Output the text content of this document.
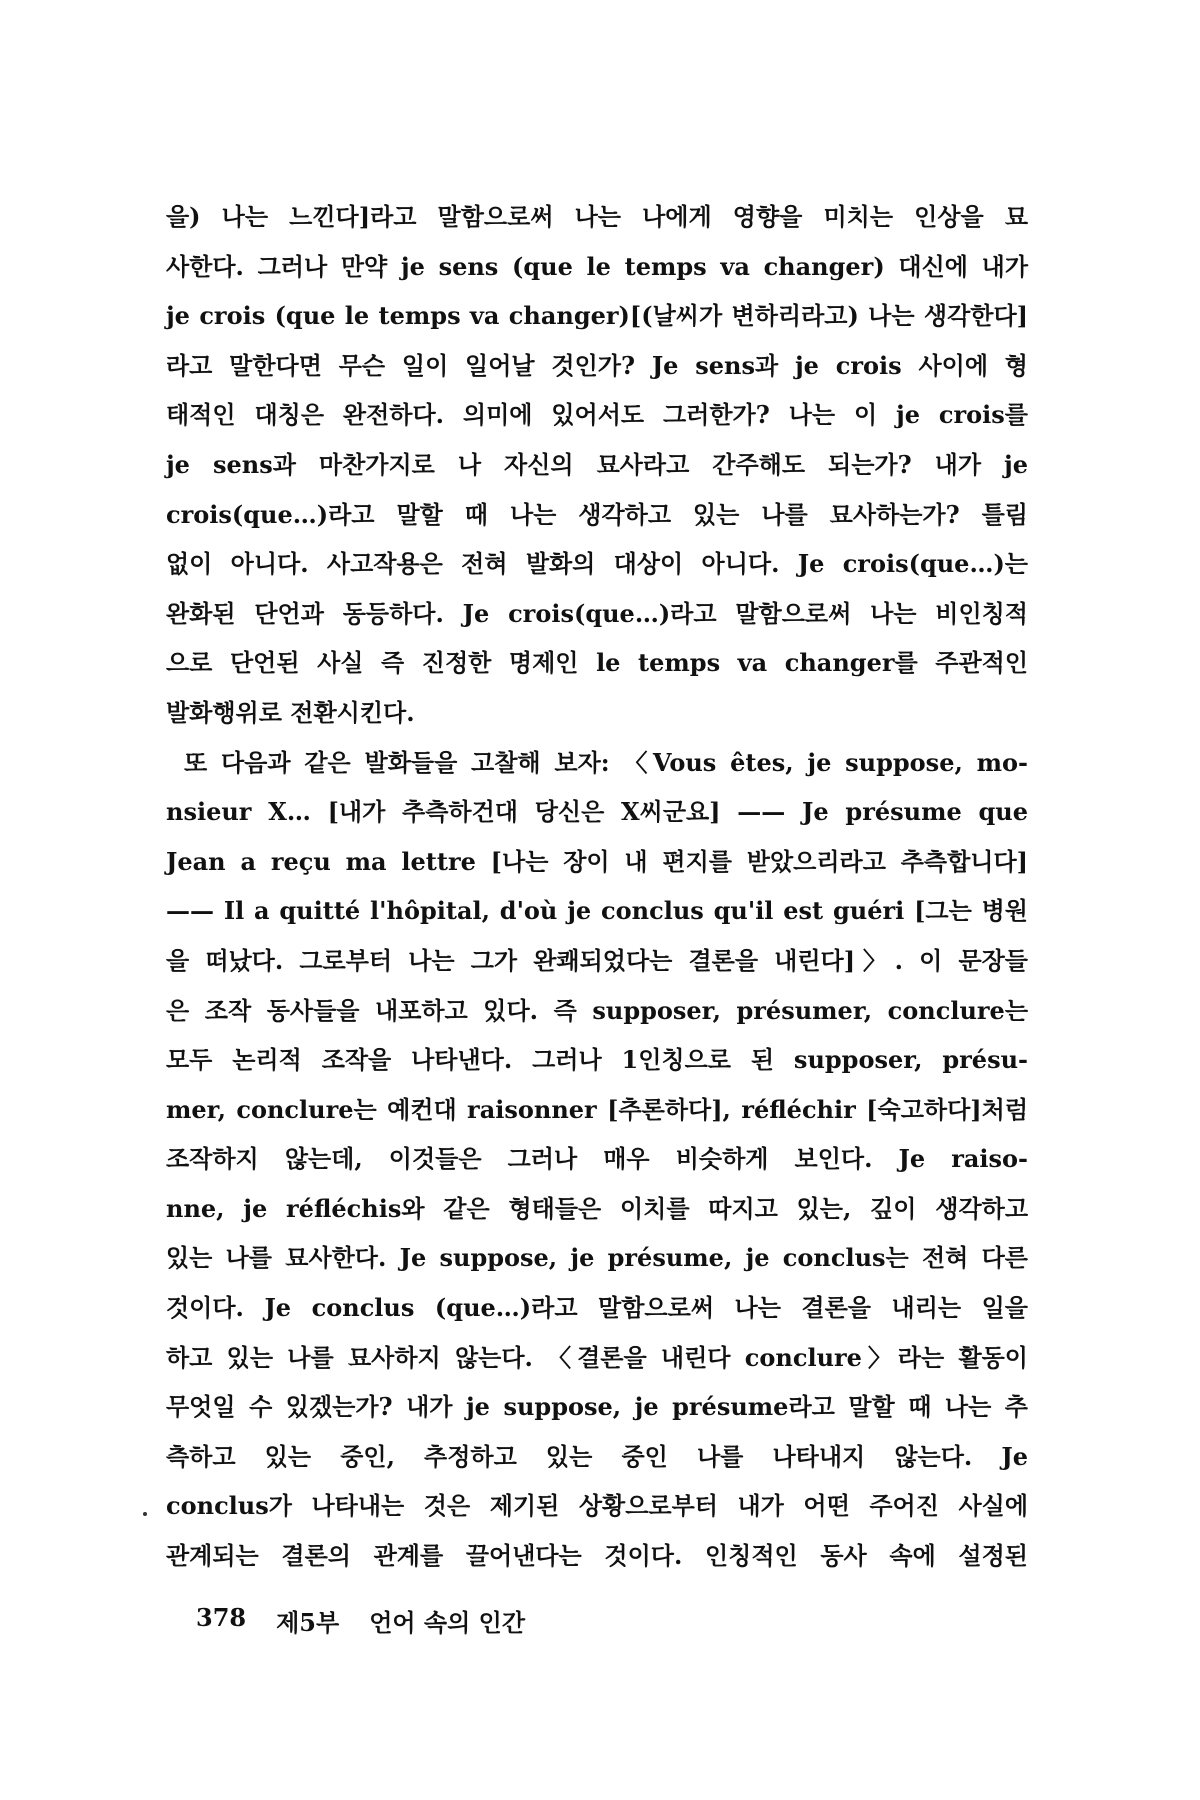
을) 나는 느낀다]라고 말함으로써 나는 나에게 영향을 미치는 인상을 묘
사한다. 그러나 만약 je sens (que le temps va changer) 대신에 내가
je crois (que le temps va changer)[(날씨가 변하리라고) 나는 생각한다]
라고 말한다면 무슨 일이 일어날 것인가? Je sens과 je crois 사이에 형
태적인 대칭은 완전하다. 의미에 있어서도 그러한가? 나는 이 je crois를
je sens과 마찬가지로 나 자신의 묘사라고 간주해도 되는가? 내가 je
crois(que…)라고 말할 때 나는 생각하고 있는 나를 묘사하는가? 틀림
없이 아니다. 사고작용은 전혀 발화의 대상이 아니다. Je crois(que…)는
완화된 단언과 동등하다. Je crois(que…)라고 말함으로써 나는 비인칭적
으로 단언된 사실 즉 진정한 명제인 le temps va changer를 주관적인
발화행위로 전환시킨다.
또 다음과 같은 발화들을 고찰해 보자: 〈Vous êtes, je suppose, mo-
nsieur X… [내가 추측하건대 당신은 X씨군요] —— Je présume que
Jean a reçu ma lettre [나는 장이 내 편지를 받았으리라고 추측합니다]
—— Il a quitté l'hôpital, d'où je conclus qu'il est guéri [그는 병원
을 떠났다. 그로부터 나는 그가 완쾌되었다는 결론을 내린다]〉. 이 문장들
은 조작 동사들을 내포하고 있다. 즉 supposer, présumer, conclure는
모두 논리적 조작을 나타낸다. 그러나 1인칭으로 된 supposer, présu-
mer, conclure는 예컨대 raisonner [추론하다], réfléchir [숙고하다]처럼
조작하지 않는데, 이것들은 그러나 매우 비슷하게 보인다. Je raiso-
nne, je réfléchis와 같은 형태들은 이치를 따지고 있는, 깊이 생각하고
있는 나를 묘사한다. Je suppose, je présume, je conclus는 전혀 다른
것이다. Je conclus (que…)라고 말함으로써 나는 결론을 내리는 일을
하고 있는 나를 묘사하지 않는다. 〈결론을 내린다 conclure〉라는 활동이
무엇일 수 있겠는가? 내가 je suppose, je présume라고 말할 때 나는 추
측하고 있는 중인, 추정하고 있는 중인 나를 나타내지 않는다. Je
conclus가 나타내는 것은 제기된 상황으로부터 내가 어떤 주어진 사실에
관계되는 결론의 관계를 끌어낸다는 것이다. 인칭적인 동사 속에 설정된
378 제5부 언어 속의 인간
